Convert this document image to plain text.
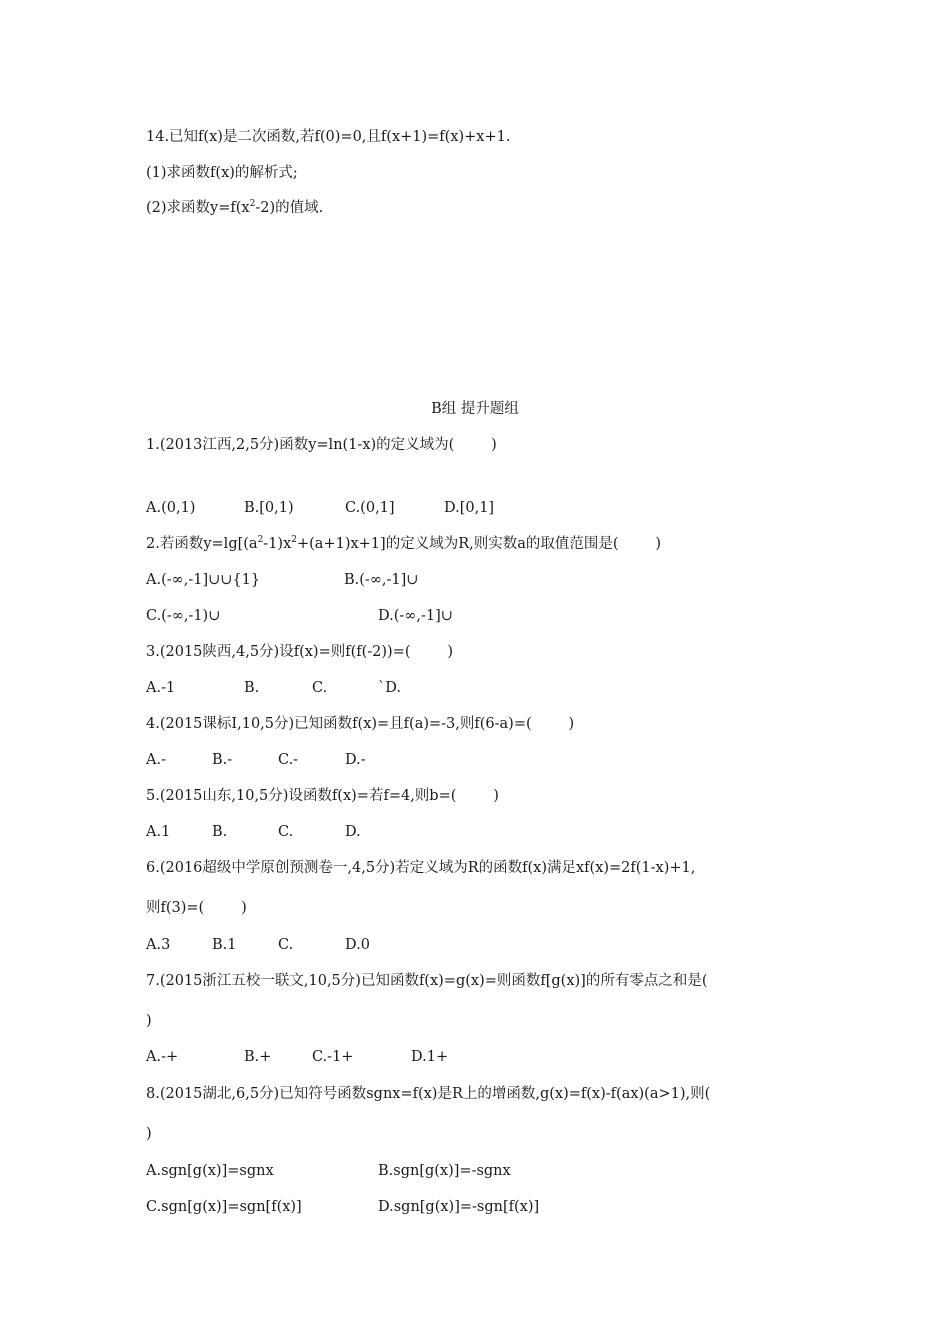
14.已知f(x)是二次函数,若f(0)=0,且f(x+1)=f(x)+x+1.
(1)求函数f(x)的解析式;
(2)求函数$y=f(x^2-2)$的值域.
B组 提升题组
1.(2013江西,2,5分)函数y=ln(1-x)的定义域为(        )
A.(0,1)	B.[0,1)	C.(0,1]	D.[0,1]
2.若函数$y=\lg[(a^2-1)x^2+(a+1)x+1]$的定义域为R,则实数a的取值范围是(        )
A.(-∞,-1]∪∪{1}	B.(-∞,-1]∪
C.(-∞,-1)∪	D.(-∞,-1]∪
3.(2015陕西,4,5分)设f(x)=则f(f(-2))=(        )
A.-1	B.	C.	`D.
4.(2015课标Ⅰ,10,5分)已知函数f(x)=且f(a)=-3,则f(6-a)=(        )
A.-	B.-	C.-	D.-
5.(2015山东,10,5分)设函数f(x)=若f=4,则b=(        )
A.1	B.	C.	D.
6.(2016超级中学原创预测卷一,4,5分)若定义域为R的函数f(x)满足xf(x)=2f(1-x)+1,
则f(3)=(        )
A.3	B.1	C.	D.0
7.(2015浙江五校一联文,10,5分)已知函数f(x)=g(x)=则函数f[g(x)]的所有零点之和是(
)
A.-+	B.+	C.-1+	D.1+
8.(2015湖北,6,5分)已知符号函数sgnx=f(x)是R上的增函数,g(x)=f(x)-f(ax)(a>1),则(
)
A.sgn[g(x)]=sgnx	B.sgn[g(x)]=-sgnx
C.sgn[g(x)]=sgn[f(x)]	D.sgn[g(x)]=-sgn[f(x)]
